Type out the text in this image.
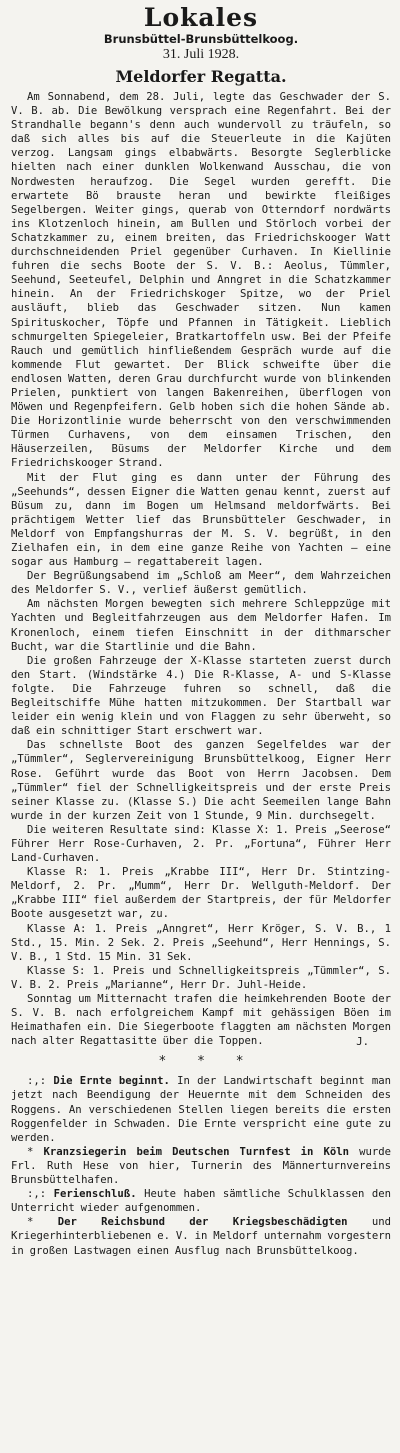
Lokales
Brunsbüttel-Brunsbüttelkoog.
31. Juli 1928.
Meldorfer Regatta.

Am Sonnabend, dem 28. Juli, legte das Geschwader der S. V. B. ab. Die Bewölkung versprach eine Regenfahrt. Bei der Strandhalle begann's denn auch wundervoll zu träufeln, so daß sich alles bis auf die Steuerleute in die Kajüten verzog. Langsam gings elbabwärts. Besorgte Seglerblicke hielten nach einer dunklen Wolkenwand Ausschau, die von Nordwesten heraufzog. Die Segel wurden gerefft. Die erwartete Bö brauste heran und bewirkte fleißiges Segelbergen. Weiter gings, querab von Otterndorf nordwärts ins Klotzenloch hinein, am Bullen und Störloch vorbei der Schatzkammer zu, einem breiten, das Friedrichskooger Watt durchschneidenden Priel gegenüber Curhaven. In Kiellinie fuhren die sechs Boote der S. V. B.: Aeolus, Tümmler, Seehund, Seeteufel, Delphin und Anngret in die Schatzkammer hinein. An der Friedrichskoger Spitze, wo der Priel ausläuft, blieb das Geschwader sitzen. Nun kamen Spirituskocher, Töpfe und Pfannen in Tätigkeit. Lieblich schmurgelten Spiegeleier, Bratkartoffeln usw. Bei der Pfeife Rauch und gemütlich hinfließendem Gespräch wurde auf die kommende Flut gewartet. Der Blick schweifte über die endlosen Watten, deren Grau durchfurcht wurde von blinkenden Prielen, punktiert von langen Bakenreihen, überflogen von Möwen und Regenpfeifern. Gelb hoben sich die hohen Sände ab. Die Horizontlinie wurde beherrscht von den verschwimmenden Türmen Curhavens, von dem einsamen Trischen, den Häuserzeilen, Büsums der Meldorfer Kirche und dem Friedrichskooger Strand.

Mit der Flut ging es dann unter der Führung des „Seehunds“, dessen Eigner die Watten genau kennt, zuerst auf Büsum zu, dann im Bogen um Helmsand meldorfwärts. Bei prächtigem Wetter lief das Brunsbütteler Geschwader, in Meldorf von Empfangshurras der M. S. V. begrüßt, in den Zielhafen ein, in dem eine ganze Reihe von Yachten — eine sogar aus Hamburg — regattabereit lagen.

Der Begrüßungsabend im „Schloß am Meer“, dem Wahrzeichen des Meldorfer S. V., verlief äußerst gemütlich.

Am nächsten Morgen bewegten sich mehrere Schleppzüge mit Yachten und Begleitfahrzeugen aus dem Meldorfer Hafen. Im Kronenloch, einem tiefen Einschnitt in der dithmarscher Bucht, war die Startlinie und die Bahn.

Die großen Fahrzeuge der X-Klasse starteten zuerst durch den Start. (Windstärke 4.) Die R-Klasse, A- und S-Klasse folgte. Die Fahrzeuge fuhren so schnell, daß die Begleitschiffe Mühe hatten mitzukommen. Der Startball war leider ein wenig klein und von Flaggen zu sehr überweht, so daß ein schnittiger Start erschwert war.

Das schnellste Boot des ganzen Segelfeldes war der „Tümmler“, Seglervereinigung Brunsbüttelkoog, Eigner Herr Rose. Geführt wurde das Boot von Herrn Jacobsen. Dem „Tümmler“ fiel der Schnelligkeitspreis und der erste Preis seiner Klasse zu. (Klasse S.) Die acht Seemeilen lange Bahn wurde in der kurzen Zeit von 1 Stunde, 9 Min. durchsegelt.

Die weiteren Resultate sind: Klasse X: 1. Preis „Seerose“ Führer Herr Rose-Curhaven, 2. Pr. „Fortuna“, Führer Herr Land-Curhaven.

Klasse R: 1. Preis „Krabbe III“, Herr Dr. Stintzing-Meldorf, 2. Pr. „Mumm“, Herr Dr. Wellguth-Meldorf. Der „Krabbe III“ fiel außerdem der Startpreis, der für Meldorfer Boote ausgesetzt war, zu.

Klasse A: 1. Preis „Anngret“, Herr Kröger, S. V. B., 1 Std., 15. Min. 2 Sek. 2. Preis „Seehund“, Herr Hennings, S. V. B., 1 Std. 15 Min. 31 Sek.

Klasse S: 1. Preis und Schnelligkeitspreis „Tümmler“, S. V. B. 2. Preis „Marianne“, Herr Dr. Juhl-Heide.

Sonntag um Mitternacht trafen die heimkehrenden Boote der S. V. B. nach erfolgreichem Kampf mit gehässigen Böen im Heimathafen ein. Die Siegerboote flaggten am nächsten Morgen nach alter Regattasitte über die Toppen.	J.
* * *

:,: Die Ernte beginnt. In der Landwirtschaft beginnt man jetzt nach Beendigung der Heuernte mit dem Schneiden des Roggens. An verschiedenen Stellen liegen bereits die ersten Roggenfelder in Schwaden. Die Ernte verspricht eine gute zu werden.

* Kranzsiegerin beim Deutschen Turnfest in Köln wurde Frl. Ruth Hese von hier, Turnerin des Männerturnvereins Brunsbüttelhafen.

:,: Ferienschluß. Heute haben sämtliche Schulklassen den Unterricht wieder aufgenommen.

* Der Reichsbund der Kriegsbeschädigten und Kriegerhinterbliebenen e. V. in Meldorf unternahm vorgestern in großen Lastwagen einen Ausflug nach Brunsbüttelkoog.
